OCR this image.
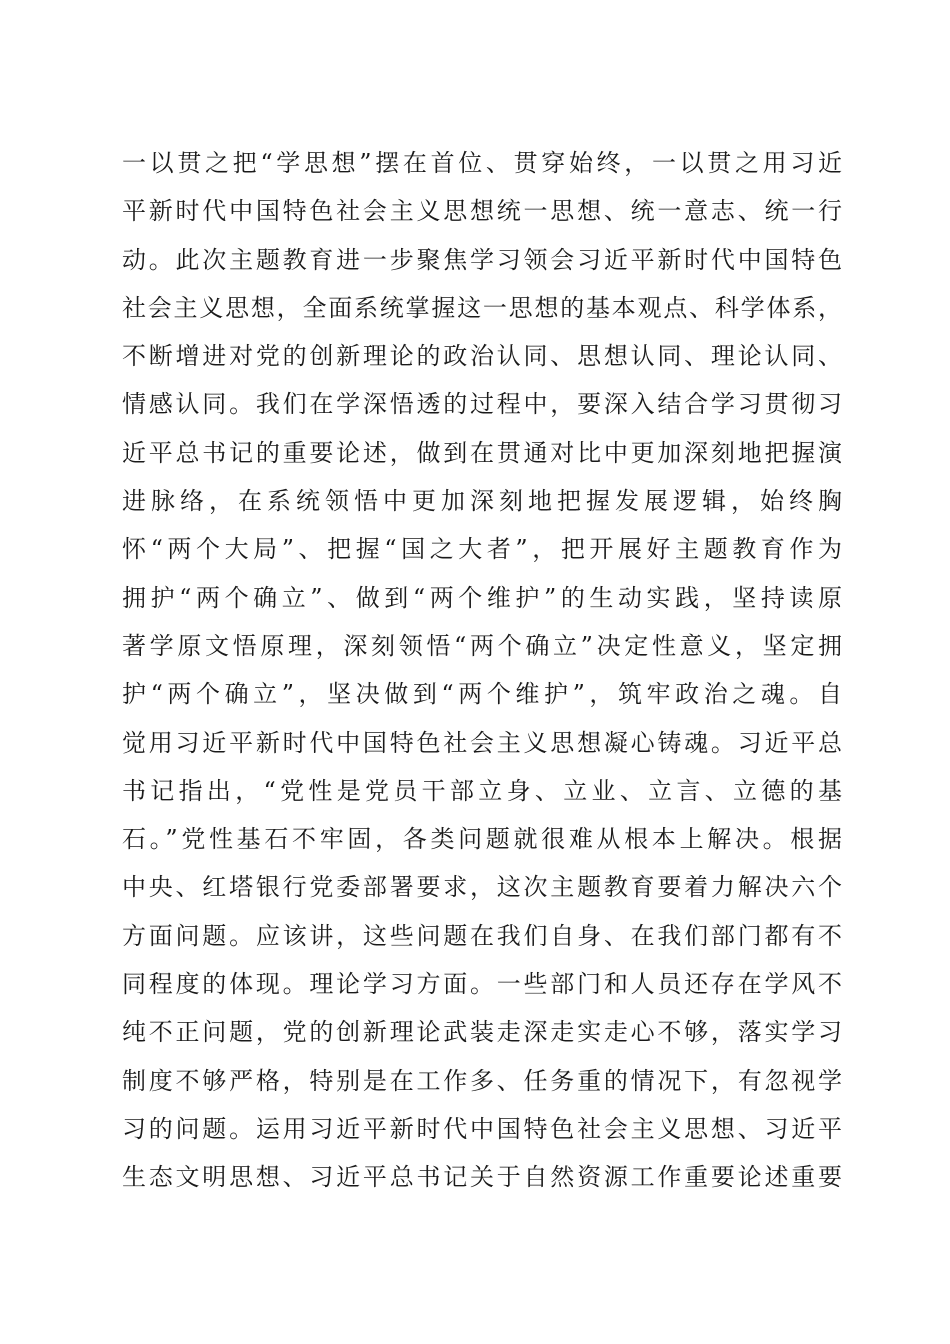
一以贯之把“学思想”摆在首位、贯穿始终，一以贯之用习近
平新时代中国特色社会主义思想统一思想、统一意志、统一行
动。此次主题教育进一步聚焦学习领会习近平新时代中国特色
社会主义思想，全面系统掌握这一思想的基本观点、科学体系，
不断增进对党的创新理论的政治认同、思想认同、理论认同、
情感认同。我们在学深悟透的过程中，要深入结合学习贯彻习
近平总书记的重要论述，做到在贯通对比中更加深刻地把握演
进脉络，在系统领悟中更加深刻地把握发展逻辑，始终胸
怀“两个大局”、把握“国之大者”，把开展好主题教育作为
拥护“两个确立”、做到“两个维护”的生动实践，坚持读原
著学原文悟原理，深刻领悟“两个确立”决定性意义，坚定拥
护“两个确立”，坚决做到“两个维护”，筑牢政治之魂。自
觉用习近平新时代中国特色社会主义思想凝心铸魂。习近平总
书记指出，“党性是党员干部立身、立业、立言、立德的基
石。”党性基石不牢固，各类问题就很难从根本上解决。根据
中央、红塔银行党委部署要求，这次主题教育要着力解决六个
方面问题。应该讲，这些问题在我们自身、在我们部门都有不
同程度的体现。理论学习方面。一些部门和人员还存在学风不
纯不正问题，党的创新理论武装走深走实走心不够，落实学习
制度不够严格，特别是在工作多、任务重的情况下，有忽视学
习的问题。运用习近平新时代中国特色社会主义思想、习近平
生态文明思想、习近平总书记关于自然资源工作重要论述重要
